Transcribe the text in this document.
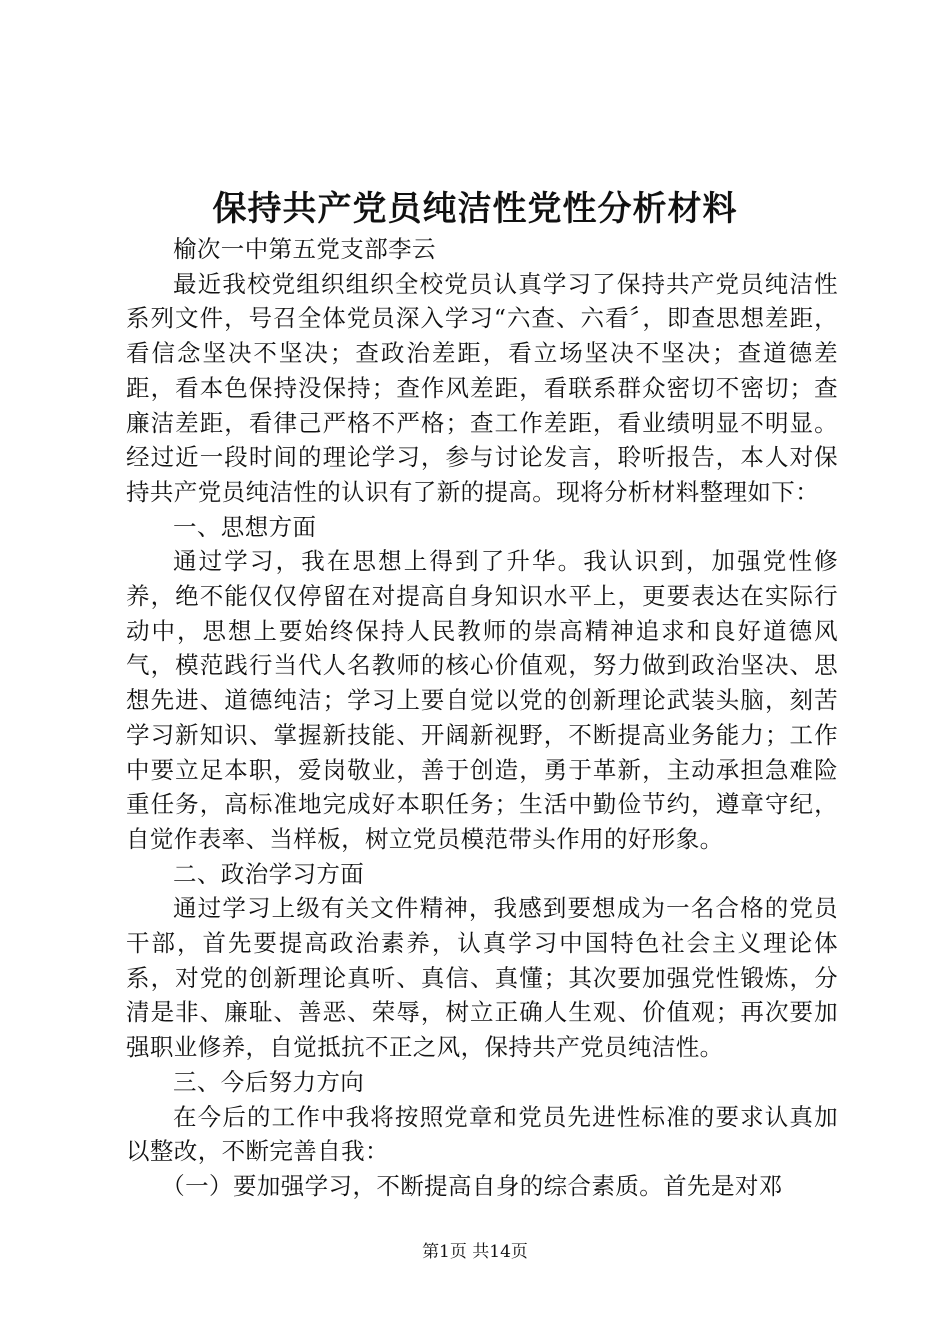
保持共产党员纯洁性党性分析材料

榆次一中第五党支部李云

最近我校党组织组织全校党员认真学习了保持共产党员纯洁性系列文件，号召全体党员深入学习“六查、六看〞，即查思想差距，看信念坚决不坚决；查政治差距，看立场坚决不坚决；查道德差距，看本色保持没保持；查作风差距，看联系群众密切不密切；查廉洁差距，看律己严格不严格；查工作差距，看业绩明显不明显。经过近一段时间的理论学习，参与讨论发言，聆听报告，本人对保持共产党员纯洁性的认识有了新的提高。现将分析材料整理如下：

一、思想方面

通过学习，我在思想上得到了升华。我认识到，加强党性修养，绝不能仅仅停留在对提高自身知识水平上，更要表达在实际行动中，思想上要始终保持人民教师的崇高精神追求和良好道德风气，模范践行当代人名教师的核心价值观，努力做到政治坚决、思想先进、道德纯洁；学习上要自觉以党的创新理论武装头脑，刻苦学习新知识、掌握新技能、开阔新视野，不断提高业务能力；工作中要立足本职，爱岗敬业，善于创造，勇于革新，主动承担急难险重任务，高标准地完成好本职任务；生活中勤俭节约，遵章守纪，自觉作表率、当样板，树立党员模范带头作用的好形象。

二、政治学习方面

通过学习上级有关文件精神，我感到要想成为一名合格的党员干部，首先要提高政治素养，认真学习中国特色社会主义理论体系，对党的创新理论真听、真信、真懂；其次要加强党性锻炼，分清是非、廉耻、善恶、荣辱，树立正确人生观、价值观；再次要加强职业修养，自觉抵抗不正之风，保持共产党员纯洁性。

三、今后努力方向

在今后的工作中我将按照党章和党员先进性标准的要求认真加以整改，不断完善自我：

（一）要加强学习，不断提高自身的综合素质。首先是对邓

第1页 共14页
